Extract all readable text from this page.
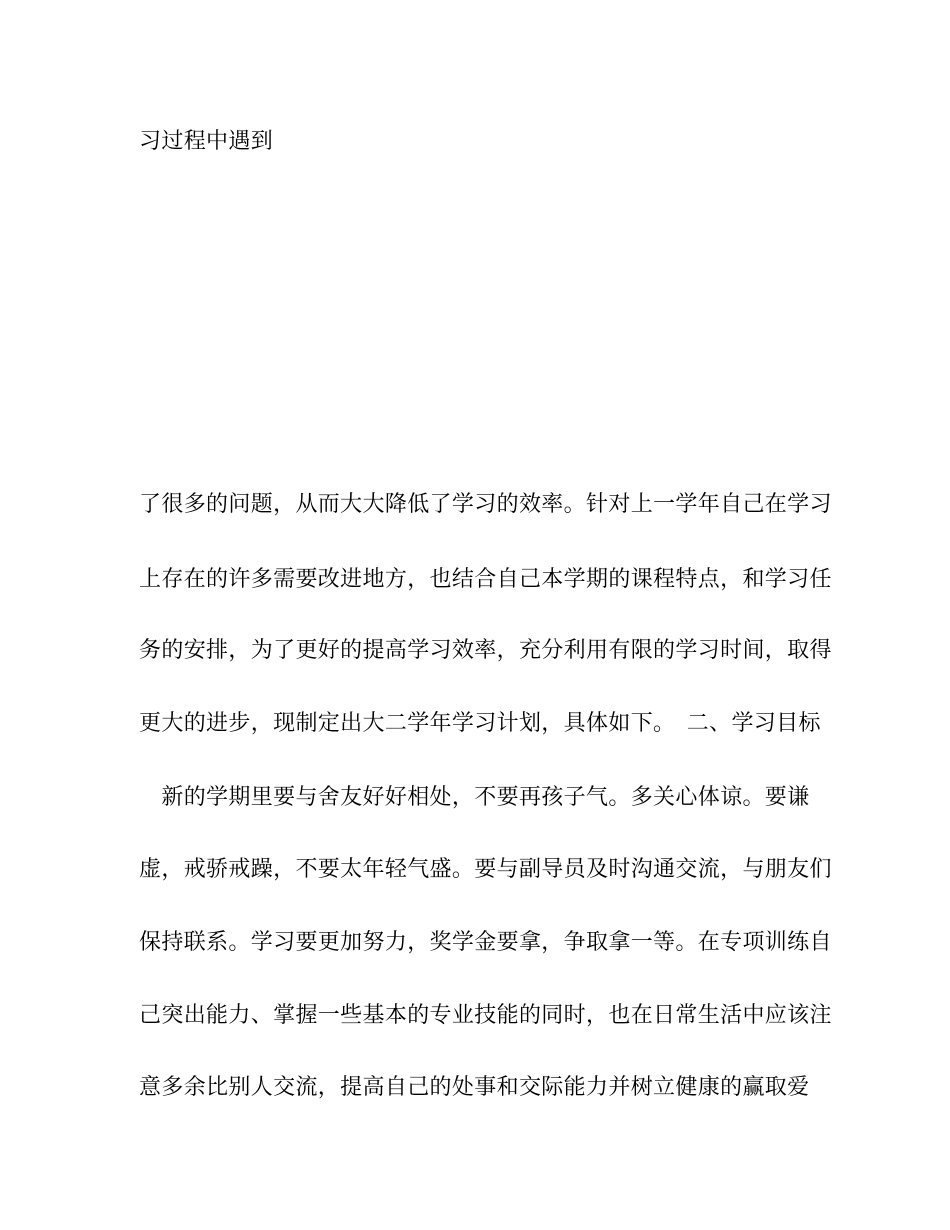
习过程中遇到
了很多的问题，从而大大降低了学习的效率。针对上一学年自己在学习
上存在的许多需要改进地方，也结合自己本学期的课程特点，和学习任
务的安排，为了更好的提高学习效率，充分利用有限的学习时间，取得
更大的进步，现制定出大二学年学习计划，具体如下。　二、学习目标
　新的学期里要与舍友好好相处，不要再孩子气。多关心体谅。要谦
虚，戒骄戒躁，不要太年轻气盛。要与副导员及时沟通交流，与朋友们
保持联系。学习要更加努力，奖学金要拿，争取拿一等。在专项训练自
己突出能力、掌握一些基本的专业技能的同时，也在日常生活中应该注
意多余比别人交流，提高自己的处事和交际能力并树立健康的赢取爱
